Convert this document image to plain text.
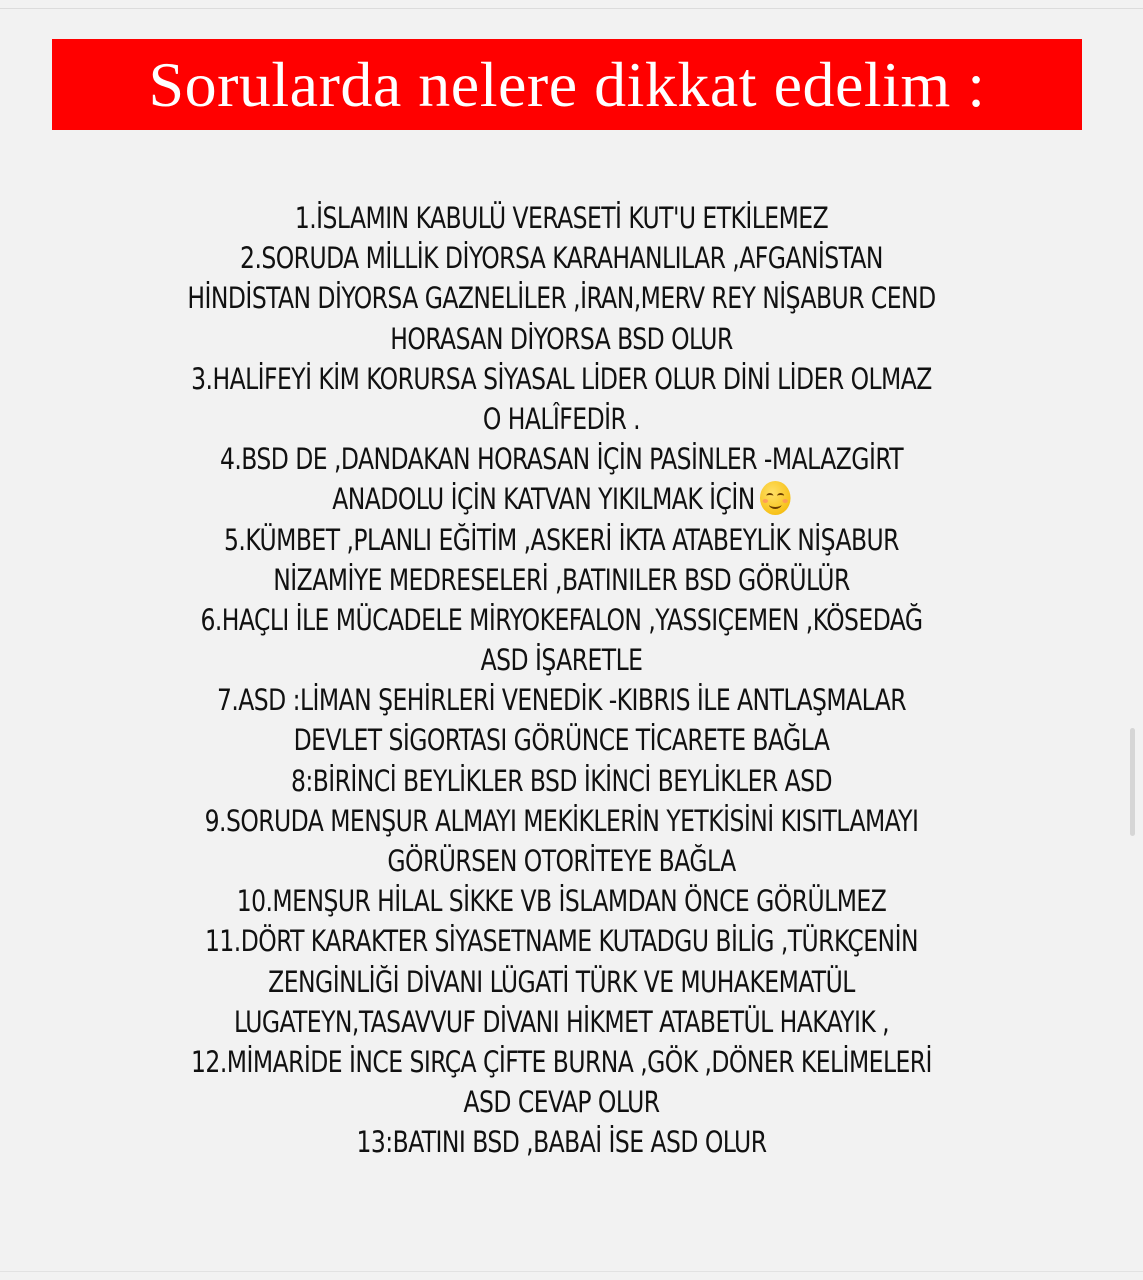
Sorularda nelere dikkat edelim :
1.İSLAMIN KABULÜ VERASETİ KUT'U ETKİLEMEZ
2.SORUDA MİLLİK DİYORSA KARAHANLILAR ,AFGANİSTAN
HİNDİSTAN DİYORSA GAZNELİLER ,İRAN,MERV REY NİŞABUR CEND
HORASAN DİYORSA BSD OLUR
3.HALİFEYİ KİM KORURSA SİYASAL LİDER OLUR DİNİ LİDER OLMAZ
O HALÎFEDİR .
4.BSD DE ,DANDAKAN HORASAN İÇİN PASİNLER -MALAZGİRT
ANADOLU İÇİN KATVAN YIKILMAK İÇİN
5.KÜMBET ,PLANLI EĞİTİM ,ASKERİ İKTA ATABEYLİK NİŞABUR
NİZAMİYE MEDRESELERİ ,BATINILER BSD GÖRÜLÜR
6.HAÇLI İLE MÜCADELE MİRYOKEFALON ,YASSIÇEMEN ,KÖSEDAĞ
ASD İŞARETLE
7.ASD :LİMAN ŞEHİRLERİ VENEDİK -KIBRIS İLE ANTLAŞMALAR
DEVLET SİGORTASI GÖRÜNCE TİCARETE BAĞLA
8:BİRİNCİ BEYLİKLER BSD İKİNCİ BEYLİKLER ASD
9.SORUDA MENŞUR ALMAYI MEKİKLERİN YETKİSİNİ KISITLAMAYI
GÖRÜRSEN OTORİTEYE BAĞLA
10.MENŞUR HİLAL SİKKE VB İSLAMDAN ÖNCE GÖRÜLMEZ
11.DÖRT KARAKTER SİYASETNAME KUTADGU BİLİG ,TÜRKÇENİN
ZENGİNLİĞİ DİVANI LÜGATİ TÜRK VE MUHAKEMATÜL
LUGATEYN,TASAVVUF DİVANI HİKMET ATABETÜL HAKAYIK ,
12.MİMARİDE İNCE SIRÇA ÇİFTE BURNA ,GÖK ,DÖNER KELİMELERİ
ASD CEVAP OLUR
13:BATINI BSD ,BABAİ İSE ASD OLUR
